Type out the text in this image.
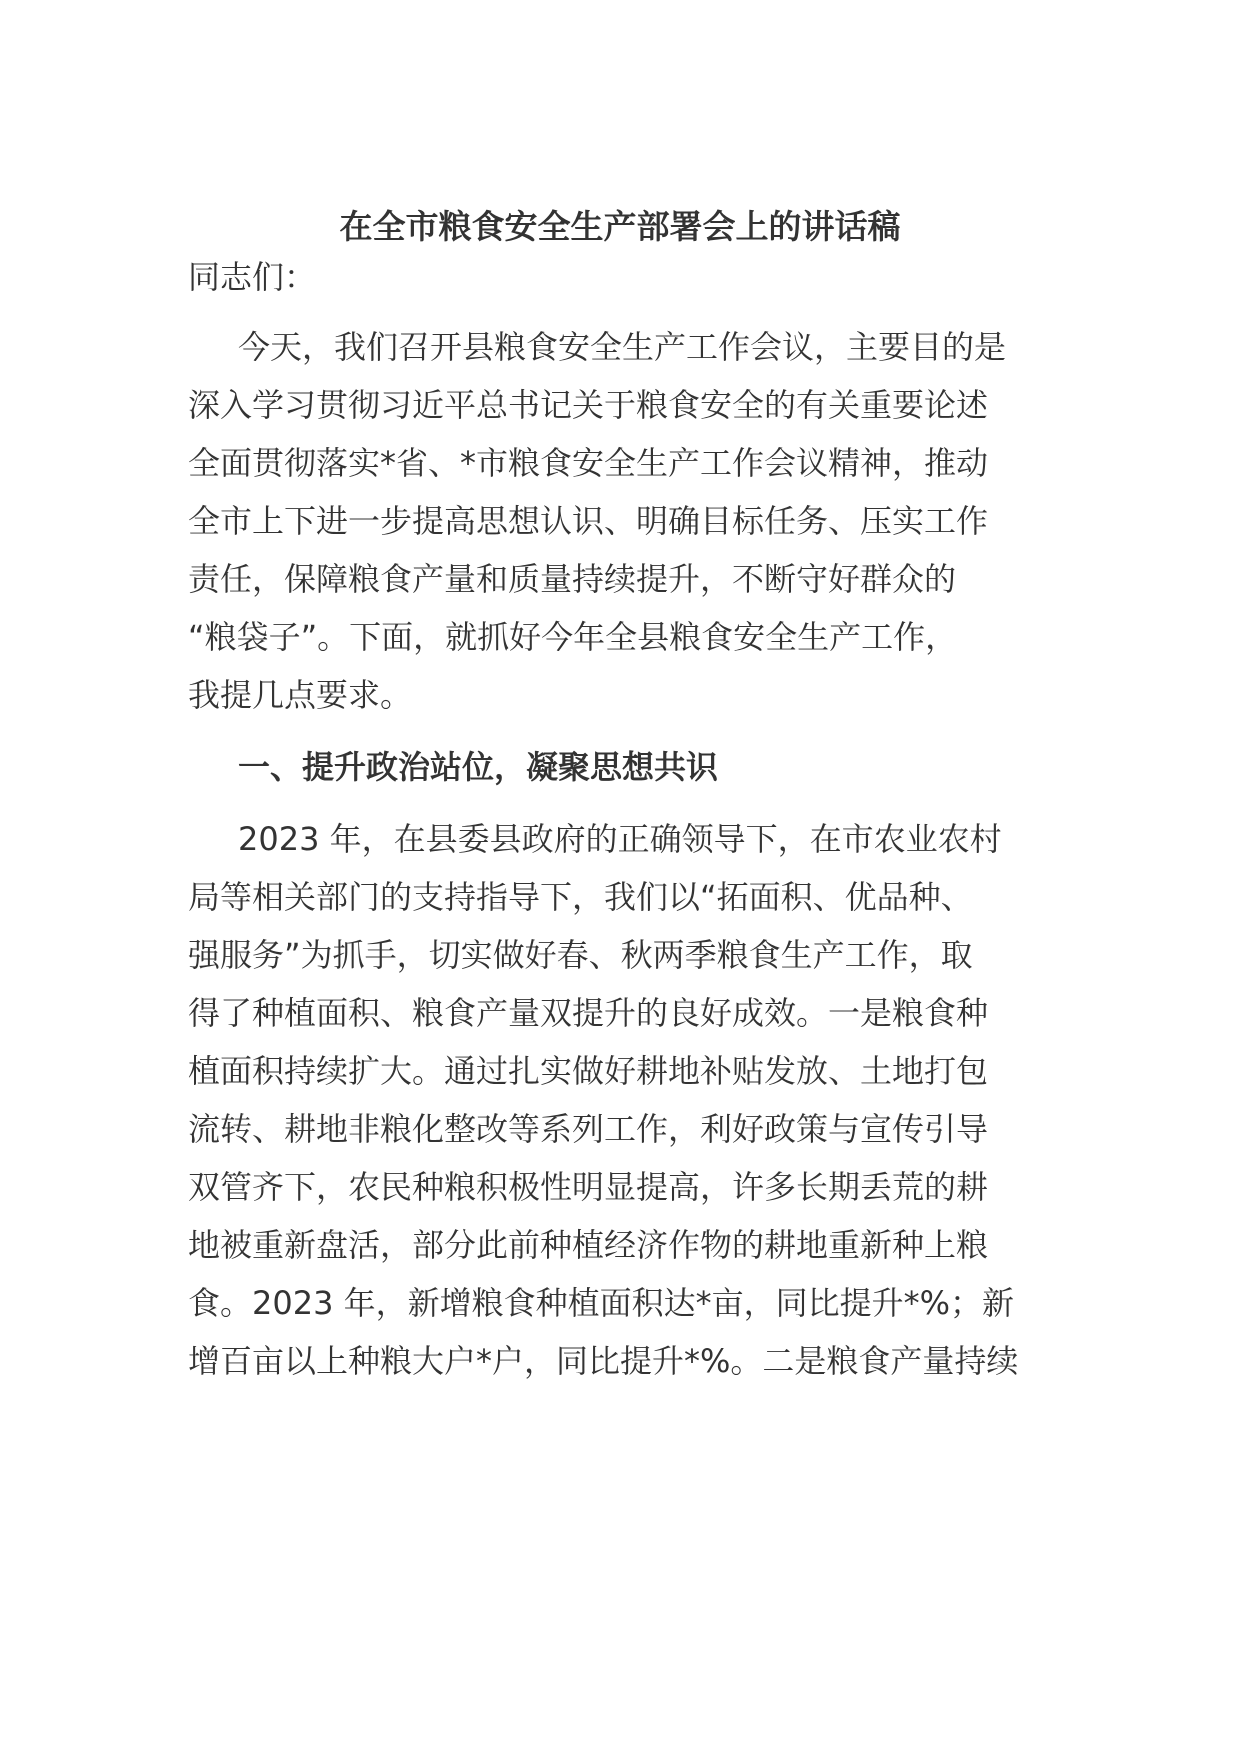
在全市粮食安全生产部署会上的讲话稿
同志们：
今天，我们召开县粮食安全生产工作会议，主要目的是
深入学习贯彻习近平总书记关于粮食安全的有关重要论述
全面贯彻落实*省、*市粮食安全生产工作会议精神，推动
全市上下进一步提高思想认识、明确目标任务、压实工作
责任，保障粮食产量和质量持续提升，不断守好群众的
“粮袋子”。下面，就抓好今年全县粮食安全生产工作，
我提几点要求。
一、提升政治站位，凝聚思想共识
2023 年，在县委县政府的正确领导下，在市农业农村
局等相关部门的支持指导下，我们以“拓面积、优品种、
强服务”为抓手，切实做好春、秋两季粮食生产工作，取
得了种植面积、粮食产量双提升的良好成效。一是粮食种
植面积持续扩大。通过扎实做好耕地补贴发放、土地打包
流转、耕地非粮化整改等系列工作，利好政策与宣传引导
双管齐下，农民种粮积极性明显提高，许多长期丢荒的耕
地被重新盘活，部分此前种植经济作物的耕地重新种上粮
食。2023 年，新增粮食种植面积达*亩，同比提升*%；新
增百亩以上种粮大户*户，同比提升*%。二是粮食产量持续
